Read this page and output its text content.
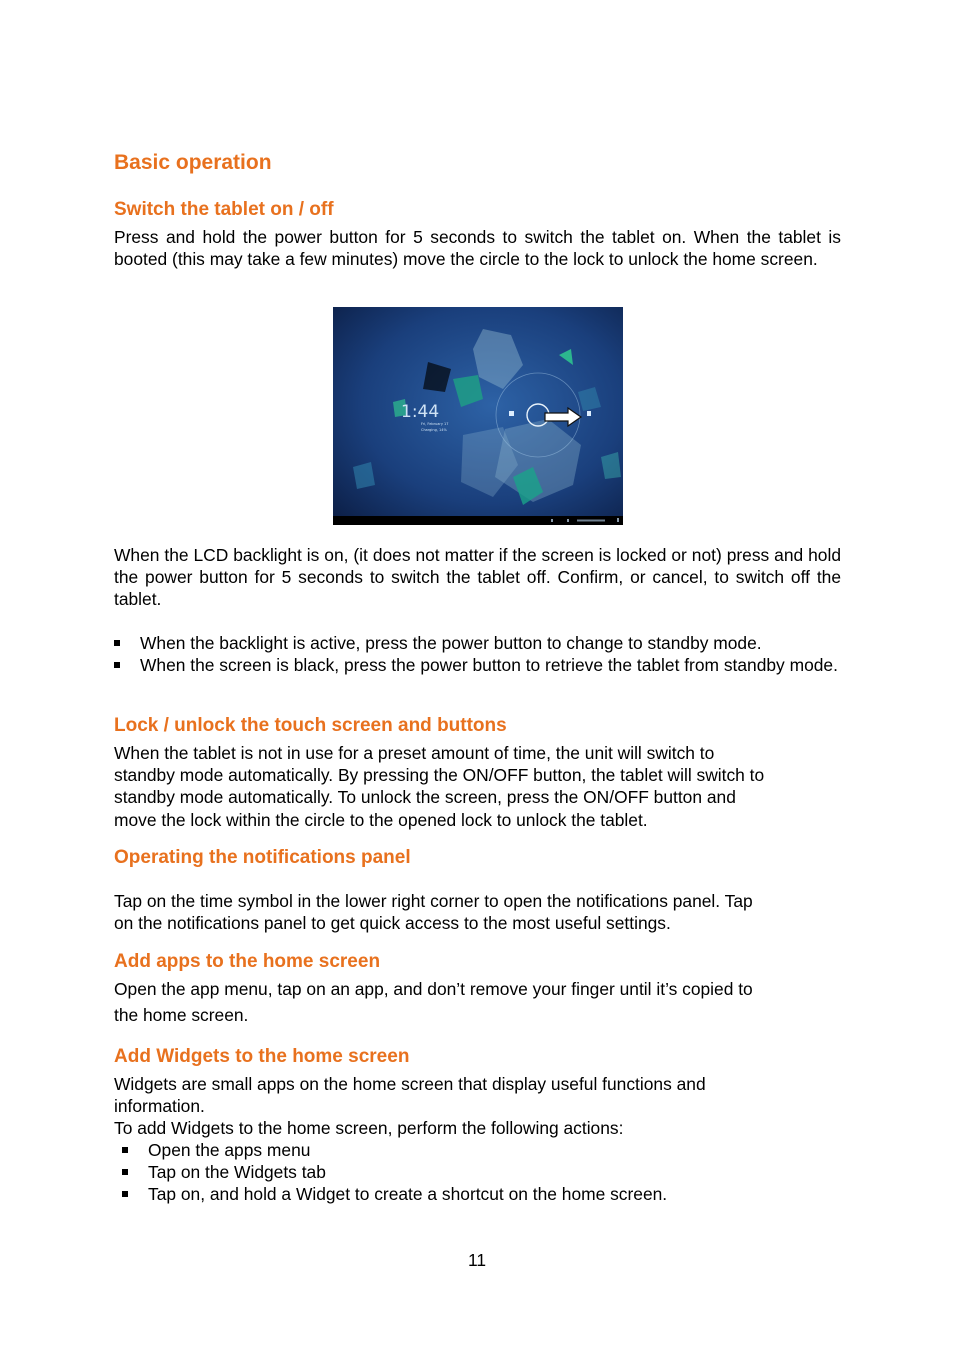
Basic operation
Switch the tablet on / off
Press and hold the power button for 5 seconds to switch the tablet on. When the tablet is booted (this may take a few minutes) move the circle to the lock to unlock the home screen.
1:44
Fri, February 17
Charging, 14%
When the LCD backlight is on, (it does not matter if the screen is locked or not) press and hold the power button for 5 seconds to switch the tablet off. Confirm, or cancel, to switch off the tablet.
When the backlight is active, press the power button to change to standby mode.
When the screen is black, press the power button to retrieve the tablet from standby mode.
Lock / unlock the touch screen and buttons
When the tablet is not in use for a preset amount of time, the unit will switch to
standby mode automatically. By pressing the ON/OFF button, the tablet will switch to
standby mode automatically. To unlock the screen, press the ON/OFF button and
move the lock within the circle to the opened lock to unlock the tablet.
Operating the notifications panel
Tap on the time symbol in the lower right corner to open the notifications panel. Tap
on the notifications panel to get quick access to the most useful settings.
Add apps to the home screen
Open the app menu, tap on an app, and don’t remove your finger until it’s copied to
the home screen.
Add Widgets to the home screen
Widgets are small apps on the home screen that display useful functions and
information.
To add Widgets to the home screen, perform the following actions:
Open the apps menu
Tap on the Widgets tab
Tap on, and hold a Widget to create a shortcut on the home screen.
11
